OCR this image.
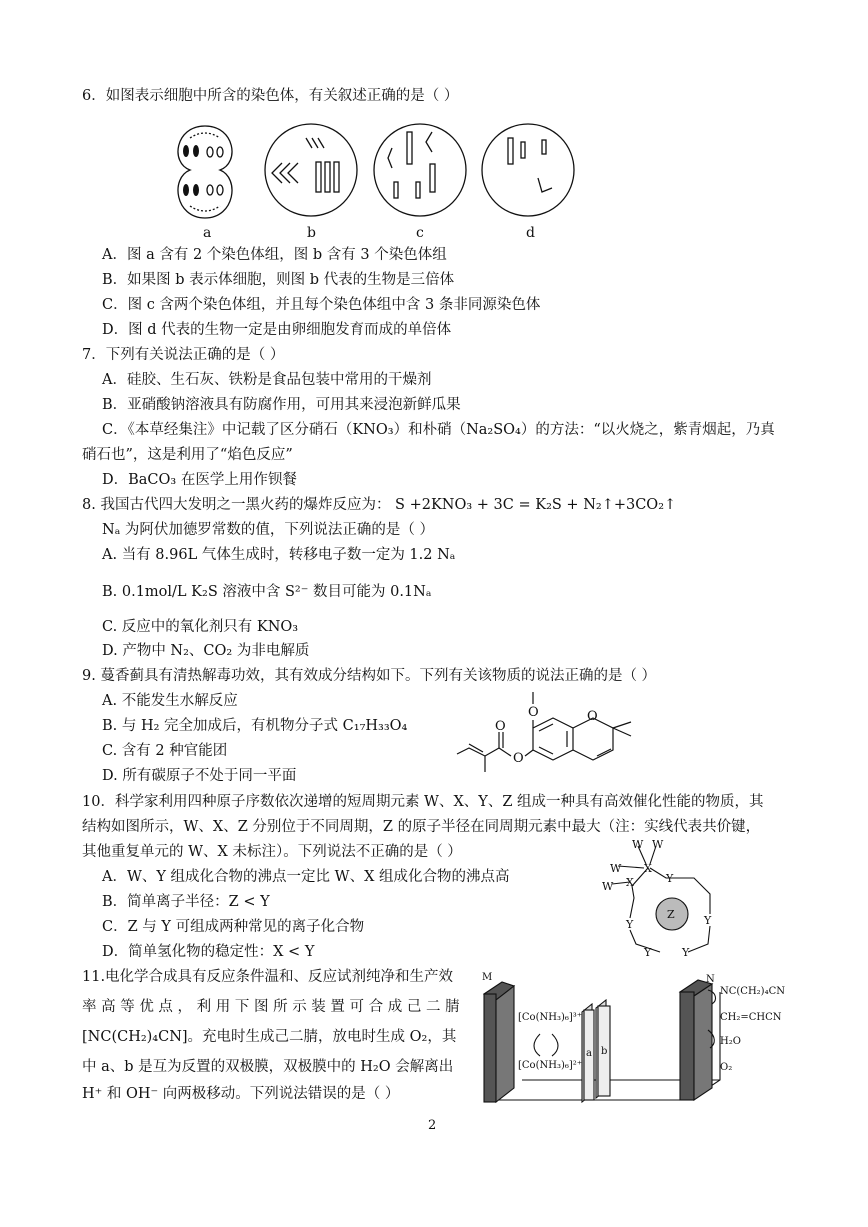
6．如图表示细胞中所含的染色体，有关叙述正确的是（ ）
a	b	c	d
A．图 a 含有 2 个染色体组，图 b 含有 3 个染色体组
B．如果图 b 表示体细胞，则图 b 代表的生物是三倍体
C．图 c 含两个染色体组，并且每个染色体组中含 3 条非同源染色体
D．图 d 代表的生物一定是由卵细胞发育而成的单倍体
7．下列有关说法正确的是（ ）
A．硅胶、生石灰、铁粉是食品包装中常用的干燥剂
B．亚硝酸钠溶液具有防腐作用，可用其来浸泡新鲜瓜果
C．《本草经集注》中记载了区分硝石（KNO₃）和朴硝（Na₂SO₄）的方法：“以火烧之，紫青烟起，乃真
硝石也”，这是利用了“焰色反应”
D．BaCO₃ 在医学上用作钡餐
8. 我国古代四大发明之一黑火药的爆炸反应为： S +2KNO₃ + 3C = K₂S + N₂↑+3CO₂↑
Nₐ 为阿伏加德罗常数的值，下列说法正确的是（ ）
A. 当有 8.96L 气体生成时，转移电子数一定为 1.2 Nₐ
B. 0.1mol/L K₂S 溶液中含 S²⁻ 数目可能为 0.1Nₐ
C. 反应中的氧化剂只有 KNO₃
D. 产物中 N₂、CO₂ 为非电解质
9. 蔓香蓟具有清热解毒功效，其有效成分结构如下。下列有关该物质的说法正确的是（ ）
A. 不能发生水解反应
B. 与 H₂ 完全加成后，有机物分子式 C₁₇H₃₃O₄
C. 含有 2 种官能团
D. 所有碳原子不处于同一平面
O	O
O
O
10．科学家利用四种原子序数依次递增的短周期元素 W、X、Y、Z 组成一种具有高效催化性能的物质，其
结构如图所示，W、X、Z 分别位于不同周期，Z 的原子半径在同周期元素中最大（注：实线代表共价键，
其他重复单元的 W、X 未标注）。下列说法不正确的是（ ）
A．W、Y 组成化合物的沸点一定比 W、X 组成化合物的沸点高
B．简单离子半径：Z < Y
C．Z 与 Y 可组成两种常见的离子化合物
D．简单氢化物的稳定性：X < Y
W W
X
W
W X	Y
Y
Y
Y
Y
Z
11.电化学合成具有反应条件温和、反应试剂纯净和生产效
率 高 等 优 点 ， 利 用 下 图 所 示 装 置 可 合 成 己 二 腈
[NC(CH₂)₄CN]。充电时生成己二腈，放电时生成 O₂，其
中 a、b 是互为反置的双极膜，双极膜中的 H₂O 会解离出
H⁺ 和 OH⁻ 向两极移动。下列说法错误的是（ ）
M	N
[Co(NH₃)₆]³⁺
[Co(NH₃)₆]²⁺
a b
NC(CH₂)₄CN
CH₂=CHCN
H₂O
O₂
2
